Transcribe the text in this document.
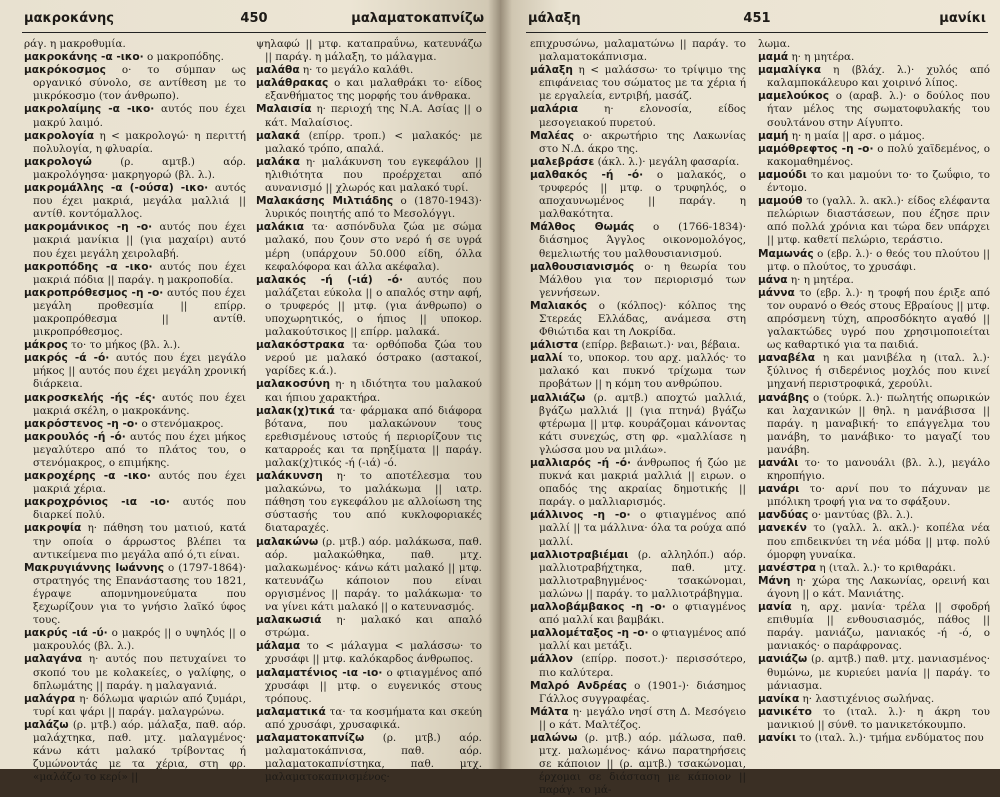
μακροκάνης	450	μαλαματοκαπνίζω
ράγ. η μακροθυμία.
μακροκάνης -α -ικο· ο μακροπόδης.
μακρόκοσμος ο· το σύμπαν ως οργανικό σύνολο, σε αντίθεση με το μικρόκοσμο (τον άνθρωπο).
μακρολαίμης -α -ικο· αυτός που έχει μακρύ λαιμό.
μακρολογία η < μακρολογώ· η περιττή πολυλογία, η φλυαρία.
μακρολογώ (ρ. αμτβ.) αόρ. μακρολόγησα· μακρηγορώ (βλ. λ.).
μακρομάλλης -α (-ούσα) -ικο· αυτός που έχει μακριά, μεγάλα μαλλιά || αντίθ. κοντόμαλλος.
μακρομάνικος -η -ο· αυτός που έχει μακριά μανίκια || (για μαχαίρι) αυτό που έχει μεγάλη χειρολαβή.
μακροπόδης -α -ικο· αυτός που έχει μακριά πόδια || παράγ. η μακροποδία.
μακροπρόθεσμος -η -ο· αυτός που έχει μεγάλη προθεσμία || επίρρ. μακροπρόθεσμα || αντίθ. μικροπρόθεσμος.
μάκρος το· το μήκος (βλ. λ.).
μακρός -ά -ό· αυτός που έχει μεγάλο μήκος || αυτός που έχει μεγάλη χρονική διάρκεια.
μακροσκελής -ής -ές· αυτός που έχει μακριά σκέλη, ο μακροκάνης.
μακρόστενος -η -ο· ο στενόμακρος.
μακρουλός -ή -ό· αυτός που έχει μήκος μεγαλύτερο από το πλάτος του, ο στενόμακρος, ο επιμήκης.
μακροχέρης -α -ικο· αυτός που έχει μακριά χέρια.
μακροχρόνιος -ια -ιο· αυτός που διαρκεί πολύ.
μακροψία η· πάθηση του ματιού, κατά την οποία ο άρρωστος βλέπει τα αντικείμενα πιο μεγάλα από ό,τι είναι.
Μακρυγιάννης Ιωάννης ο (1797-1864)· στρατηγός της Επανάστασης του 1821, έγραψε απομνημονεύματα που ξεχωρίζουν για το γνήσιο λαϊκό ύφος τους.
μακρύς -ιά -ύ· ο μακρός || ο υψηλός || ο μακρουλός (βλ. λ.).
μαλαγάνα η· αυτός που πετυχαίνει το σκοπό του με κολακείες, ο γαλίφης, ο δπλωμάτης || παράγ. η μαλαγανιά.
μαλάγρα η· δόλωμα ψαριών από ζυμάρι, τυρί και ψάρι || παράγ. μαλαγρώνω.
μαλάζω (ρ. μτβ.) αόρ. μάλαξα, παθ. αόρ. μαλάχτηκα, παθ. μτχ. μαλαγμένος· κάνω κάτι μαλακό τρίβοντας ή ζυμώνοντάς με τα χέρια, στη φρ. «μαλάζω το κερί» ||
ψηλαφώ || μτφ. καταπραΰνω, κατευνάζω || παράγ. η μάλαξη, το μάλαγμα.
μαλάθα η· το μεγάλο καλάθι.
μαλάθρακας ο και μαλαθράκι το· είδος εξανθήματος της μορφής του άνθρακα.
Μαλαισία η· περιοχή της Ν.Α. Ασίας || ο κάτ. Μαλαίσιος.
μαλακά (επίρρ. τροπ.) < μαλακός· με μαλακό τρόπο, απαλά.
μαλάκα η· μαλάκυνση του εγκεφάλου || ηλιθιότητα που προέρχεται από αυνανισμό || χλωρός και μαλακό τυρί.
Μαλακάσης Μιλτιάδης ο (1870-1943)· λυρικός ποιητής από το Μεσολόγγι.
μαλάκια τα· ασπόνδυλα ζώα με σώμα μαλακό, που ζουν στο νερό ή σε υγρά μέρη (υπάρχουν 50.000 είδη, όλλα κεφαλόφορα και άλλα ακέφαλα).
μαλακός -ή (-ιά) -ό· αυτός που μαλάζεται εύκολα || ο απαλός στην αφή, ο τρυφερός || μτφ. (για άνθρωπο) ο υποχωρητικός, ο ήπιος || υποκορ. μαλακούτσικος || επίρρ. μαλακά.
μαλακόστρακα τα· ορθόποδα ζώα του νερού με μαλακό όστρακο (αστακοί, γαρίδες κ.ά.).
μαλακοσύνη η· η ιδιότητα του μαλακού και ήπιου χαρακτήρα.
μαλακ(χ)τικά τα· φάρμακα από διάφορα βότανα, που μαλακώνουν τους ερεθισμένους ιστούς ή περιορίζουν τις καταρροές και τα πρηξίματα || παράγ. μαλακ(χ)τικός -ή (-ιά) -ό.
μαλάκυνση η· το αποτέλεσμα του μαλακώνω, το μαλάκωμα || ιατρ. πάθηση του εγκεφάλου με αλλοίωση της σύστασής του από κυκλοφοριακές διαταραχές.
μαλακώνω (ρ. μτβ.) αόρ. μαλάκωσα, παθ. αόρ. μαλακώθηκα, παθ. μτχ. μαλακωμένος· κάνω κάτι μαλακό || μτφ. κατευνάζω κάποιον που είναι οργισμένος || παράγ. το μαλάκωμα· το να γίνει κάτι μαλακό || ο κατευνασμός.
μαλακωσιά η· μαλακό και απαλό στρώμα.
μάλαμα το < μάλαγμα < μαλάσσω· το χρυσάφι || μτφ. καλόκαρδος άνθρωπος.
μαλαματένιος -ια -ιο· ο φτιαγμένος από χρυσάφι || μτφ. ο ευγενικός στους τρόπους.
μαλαματικά τα· τα κοσμήματα και σκεύη από χρυσάφι, χρυσαφικά.
μαλαματοκαπνίζω (ρ. μτβ.) αόρ. μαλαματοκάπνισα, παθ. αόρ. μαλαματοκαπνίστηκα, παθ. μτχ. μαλαματοκαπνισμένος·
μάλαξη	451	μανίκι
επιχρυσώνω, μαλαματώνω || παράγ. το μαλαματοκάπνισμα.
μάλαξη η < μαλάσσω· το τρίψιμο της επιφάνειας του σώματος με τα χέρια ή με εργαλεία, εντριβή, μασάζ.
μαλάρια η· ελονοσία, είδος μεσογειακού πυρετού.
Μαλέας ο· ακρωτήριο της Λακωνίας στο Ν.Δ. άκρο της.
μαλεβράσε (άκλ. λ.)· μεγάλη φασαρία.
μαλθακός -ή -ό· ο μαλακός, ο τρυφερός || μτφ. ο τρυφηλός, ο αποχαυνωμένος || παράγ. η μαλθακότητα.
Μάλθος Θωμάς ο (1766-1834)· διάσημος Άγγλος οικονομολόγος, θεμελιωτής του μαλθουσιανισμού.
μαλθουσιανισμός ο· η θεωρία του Μάλθου για τον περιορισμό των γεννήσεων.
Μαλιακός ο (κόλπος)· κόλπος της Στερεάς Ελλάδας, ανάμεσα στη Φθιώτιδα και τη Λοκρίδα.
μάλιστα (επίρρ. βεβαιωτ.)· ναι, βέβαια.
μαλλί το, υποκορ. του αρχ. μαλλός· το μαλακό και πυκνό τρίχωμα των προβάτων || η κόμη του ανθρώπου.
μαλλιάζω (ρ. αμτβ.) αποχτώ μαλλιά, βγάζω μαλλιά || (για πτηνά) βγάζω φτέρωμα || μτφ. κουράζομαι κάνοντας κάτι συνεχώς, στη φρ. «μαλλίασε η γλώσσα μου να μιλάω».
μαλλιαρός -ή -ό· άνθρωπος ή ζώο με πυκνά και μακριά μαλλιά || ειρων. ο οπαδός της ακραίας δημοτικής || παράγ. ο μαλλιαρισμός.
μάλλινος -η -ο· ο φτιαγμένος από μαλλί || τα μάλλινα· όλα τα ρούχα από μαλλί.
μαλλιοτραβιέμαι (ρ. αλληλόπ.) αόρ. μαλλιοτραβήχτηκα, παθ. μτχ. μαλλιοτραβηγμένος· τσακώνομαι, μαλώνω || παράγ. το μαλλιοτράβηγμα.
μαλλοβάμβακος -η -ο· ο φτιαγμένος από μαλλί και βαμβάκι.
μαλλομέταξος -η -ο· ο φτιαγμένος από μαλλί και μετάξι.
μάλλον (επίρρ. ποσοτ.)· περισσότερο, πιο καλύτερα.
Μαλρό Ανδρέας ο (1901-)· διάσημος Γάλλος συγγραφέας.
Μάλτα η· μεγάλο νησί στη Δ. Μεσόγειο || ο κάτ. Μαλτέζος.
μαλώνω (ρ. μτβ.) αόρ. μάλωσα, παθ. μτχ. μαλωμένος· κάνω παρατηρήσεις σε κάποιον || (ρ. αμτβ.) τσακώνομαι, έρχομαι σε διάσταση με κάποιον || παράγ. το μά-
λωμα.
μαμά η· η μητέρα.
μαμαλίγκα η (βλάχ. λ.)· χυλός από καλαμποκάλευρο και χοιρινό λίπος.
μαμελούκος ο (αραβ. λ.)· ο δούλος που ήταν μέλος της σωματοφυλακής του σουλτάνου στην Αίγυπτο.
μαμή η· η μαία || αρσ. ο μάμος.
μαμόθρεφτος -η -ο· ο πολύ χαϊδεμένος, ο κακομαθημένος.
μαμούδι το και μαμούνι το· το ζωΰφιο, το έντομο.
μαμούθ το (γαλλ. λ. ακλ.)· είδος ελέφαντα πελώριων διαστάσεων, που έζησε πριν από πολλά χρόνια και τώρα δεν υπάρχει || μτφ. καθετί πελώριο, τεράστιο.
Μαμωνάς ο (εβρ. λ.)· ο θεός του πλούτου || μτφ. ο πλούτος, το χρυσάφι.
μάνα η· η μητέρα.
μάννα το (εβρ. λ.)· η τροφή που έριξε από τον ουρανό ο Θεός στους Εβραίους || μτφ. απρόσμενη τύχη, απροσδόκητο αγαθό || γαλακτώδες υγρό που χρησιμοποιείται ως καθαρτικό για τα παιδιά.
μαναβέλα η και μανιβέλα η (ιταλ. λ.)· ξύλινος ή σιδερένιος μοχλός που κινεί μηχανή περιστροφικά, χερούλι.
μανάβης ο (τούρκ. λ.)· πωλητής οπωρικών και λαχανικών || θηλ. η μανάβισσα || παράγ. η μαναβική· το επάγγελμα του μανάβη, το μανάβικο· το μαγαζί του μανάβη.
μανάλι το· το μανουάλι (βλ. λ.), μεγάλο κηροπήγιο.
μανάρι το· αρνί που το πάχυναν με μπόλικη τροφή για να το σφάξουν.
μανδύας ο· μαντύας (βλ. λ.).
μανεκέν το (γαλλ. λ. ακλ.)· κοπέλα νέα που επιδεικνύει τη νέα μόδα || μτφ. πολύ όμορφη γυναίκα.
μανέστρα η (ιταλ. λ.)· το κριθαράκι.
Μάνη η· χώρα της Λακωνίας, ορεινή και άγονη || ο κάτ. Μανιάτης.
μανία η, αρχ. μανία· τρέλα || σφοδρή επιθυμία || ενθουσιασμός, πάθος || παράγ. μανιάζω, μανιακός -ή -ό, ο μανιακός· ο παράφρονας.
μανιάζω (ρ. αμτβ.) παθ. μτχ. μανιασμένος· θυμώνω, με κυριεύει μανία || παράγ. το μάνιασμα.
μανίκα η· λαστιχένιος σωλήνας.
μανικέτο το (ιταλ. λ.)· η άκρη του μανικιού || σύνθ. το μανικετόκουμπο.
μανίκι το (ιταλ. λ.)· τμήμα ενδύματος που
